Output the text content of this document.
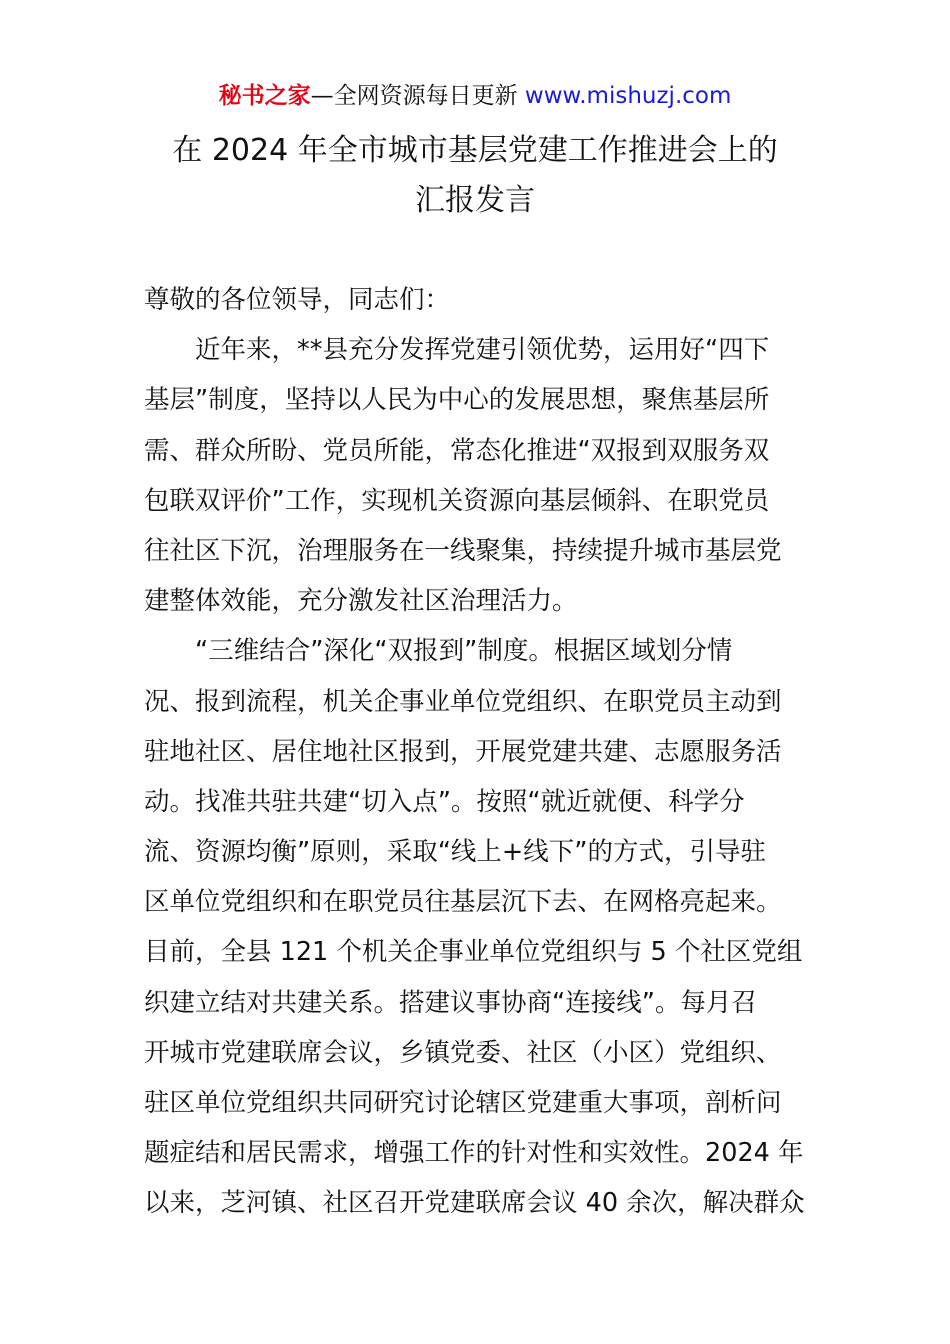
秘书之家—全网资源每日更新 www.mishuzj.com
在 2024 年全市城市基层党建工作推进会上的
汇报发言
尊敬的各位领导，同志们：
近年来，**县充分发挥党建引领优势，运用好“四下
基层”制度，坚持以人民为中心的发展思想，聚焦基层所
需、群众所盼、党员所能，常态化推进“双报到双服务双
包联双评价”工作，实现机关资源向基层倾斜、在职党员
往社区下沉，治理服务在一线聚集，持续提升城市基层党
建整体效能，充分激发社区治理活力。
“三维结合”深化“双报到”制度。根据区域划分情
况、报到流程，机关企事业单位党组织、在职党员主动到
驻地社区、居住地社区报到，开展党建共建、志愿服务活
动。找准共驻共建“切入点”。按照“就近就便、科学分
流、资源均衡”原则，采取“线上+线下”的方式，引导驻
区单位党组织和在职党员往基层沉下去、在网格亮起来。
目前，全县 121 个机关企事业单位党组织与 5 个社区党组
织建立结对共建关系。搭建议事协商“连接线”。每月召
开城市党建联席会议，乡镇党委、社区（小区）党组织、
驻区单位党组织共同研究讨论辖区党建重大事项，剖析问
题症结和居民需求，增强工作的针对性和实效性。2024 年
以来，芝河镇、社区召开党建联席会议 40 余次，解决群众
